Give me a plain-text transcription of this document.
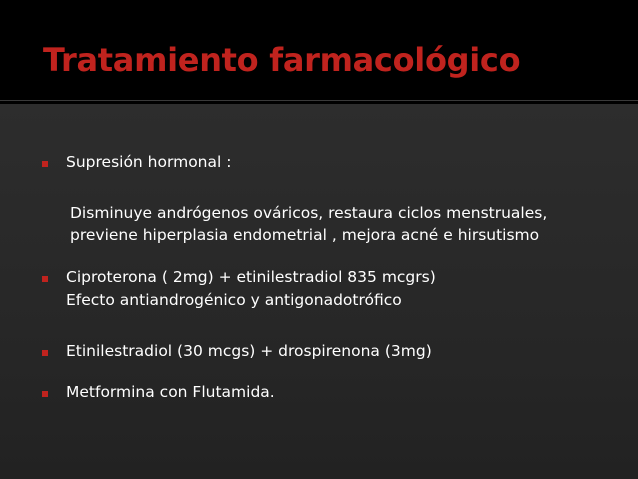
Tratamiento farmacológico
Supresión hormonal :
Disminuye andrógenos ováricos, restaura ciclos menstruales,
previene hiperplasia endometrial , mejora acné e hirsutismo
Ciproterona ( 2mg) + etinilestradiol 835 mcgrs)
Efecto antiandrogénico y antigonadotrófico
Etinilestradiol (30 mcgs) + drospirenona (3mg)
Metformina con Flutamida.
